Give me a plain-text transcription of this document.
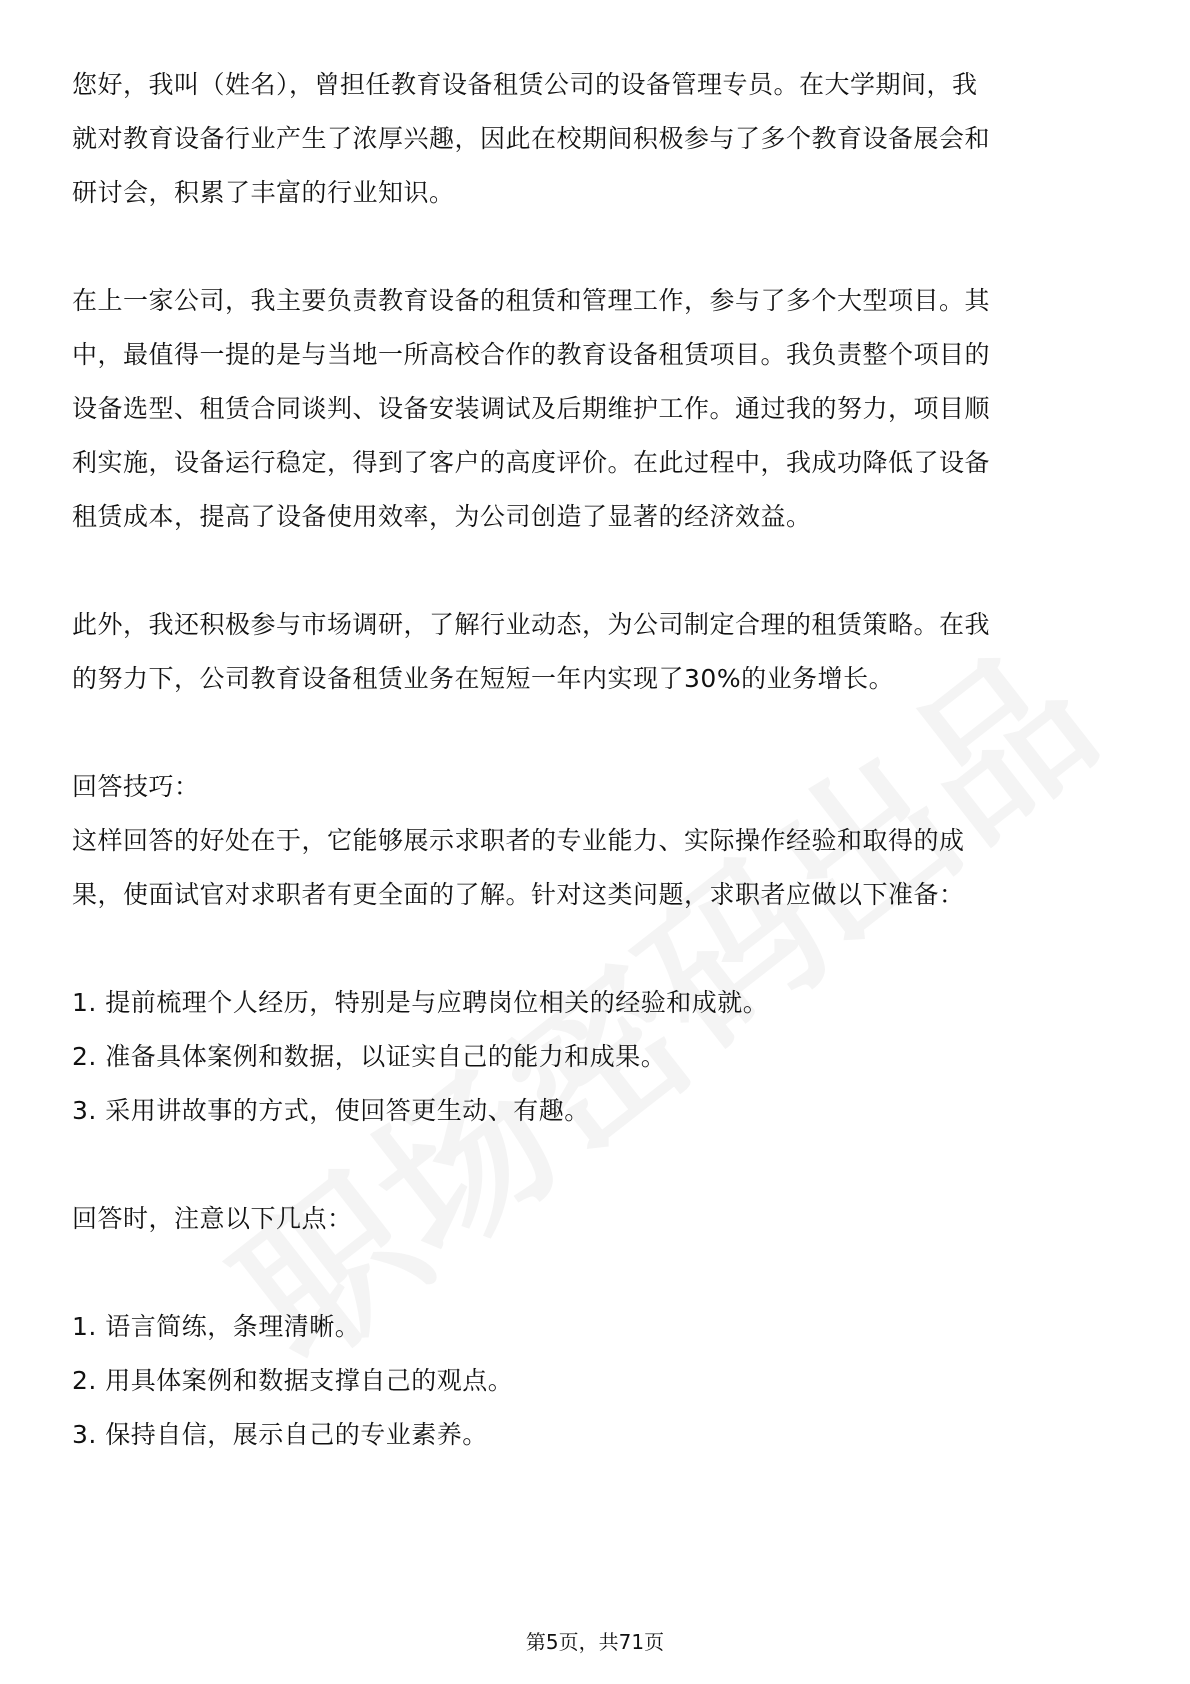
您好，我叫（姓名），曾担任教育设备租赁公司的设备管理专员。在大学期间，我
就对教育设备行业产生了浓厚兴趣，因此在校期间积极参与了多个教育设备展会和
研讨会，积累了丰富的行业知识。
在上一家公司，我主要负责教育设备的租赁和管理工作，参与了多个大型项目。其
中，最值得一提的是与当地一所高校合作的教育设备租赁项目。我负责整个项目的
设备选型、租赁合同谈判、设备安装调试及后期维护工作。通过我的努力，项目顺
利实施，设备运行稳定，得到了客户的高度评价。在此过程中，我成功降低了设备
租赁成本，提高了设备使用效率，为公司创造了显著的经济效益。
此外，我还积极参与市场调研，了解行业动态，为公司制定合理的租赁策略。在我
的努力下，公司教育设备租赁业务在短短一年内实现了30%的业务增长。
回答技巧：
这样回答的好处在于，它能够展示求职者的专业能力、实际操作经验和取得的成
果，使面试官对求职者有更全面的了解。针对这类问题，求职者应做以下准备：
1. 提前梳理个人经历，特别是与应聘岗位相关的经验和成就。
2. 准备具体案例和数据，以证实自己的能力和成果。
3. 采用讲故事的方式，使回答更生动、有趣。
回答时，注意以下几点：
1. 语言简练，条理清晰。
2. 用具体案例和数据支撑自己的观点。
3. 保持自信，展示自己的专业素养。
第5页，共71页
